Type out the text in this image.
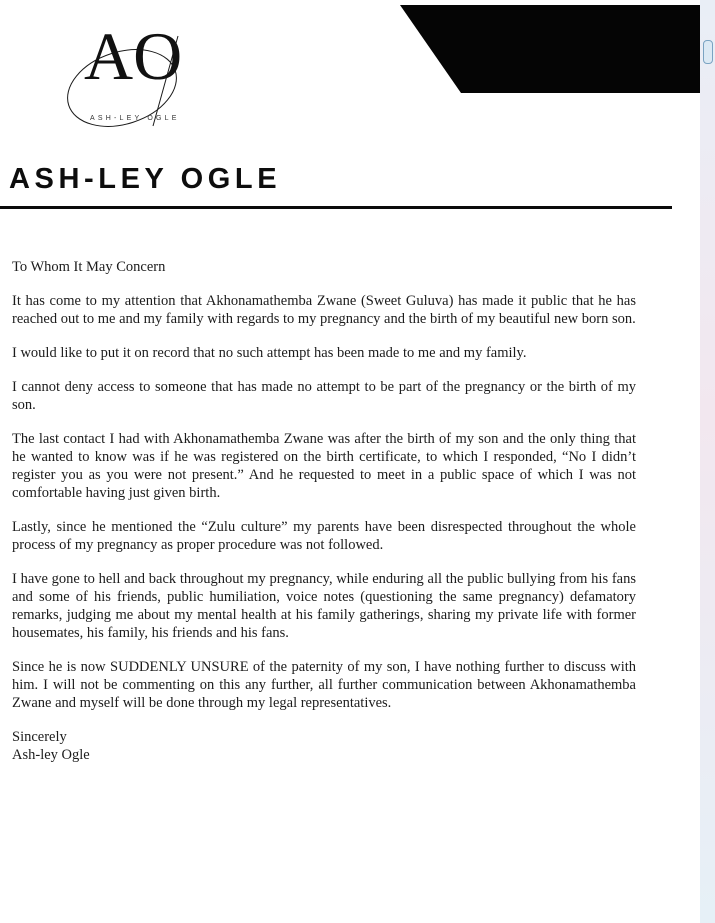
AO
ASH-LEY OGLE
ASH-LEY OGLE

To Whom It May Concern

It has come to my attention that Akhonamathemba Zwane (Sweet Guluva) has made it public that he has reached out to me and my family with regards to my pregnancy and the birth of my beautiful new born son.

I would like to put it on record that no such attempt has been made to me and my family.

I cannot deny access to someone that has made no attempt to be part of the pregnancy or the birth of my son.

The last contact I had with Akhonamathemba Zwane was after the birth of my son and the only thing that he wanted to know was if he was registered on the birth certificate, to which I responded, “No I didn’t register you as you were not present.” And he requested to meet in a public space of which I was not comfortable having just given birth.

Lastly, since he mentioned the “Zulu culture” my parents have been disrespected throughout the whole process of my pregnancy as proper procedure was not followed.

I have gone to hell and back throughout my pregnancy, while enduring all the public bullying from his fans and some of his friends, public humiliation, voice notes (questioning the same pregnancy) defamatory remarks, judging me about my mental health at his family gatherings, sharing my private life with former housemates, his family, his friends and his fans.

Since he is now SUDDENLY UNSURE of the paternity of my son, I have nothing further to discuss with him. I will not be commenting on this any further, all further communication between Akhonamathemba Zwane and myself will be done through my legal representatives.

Sincerely

Ash-ley Ogle
